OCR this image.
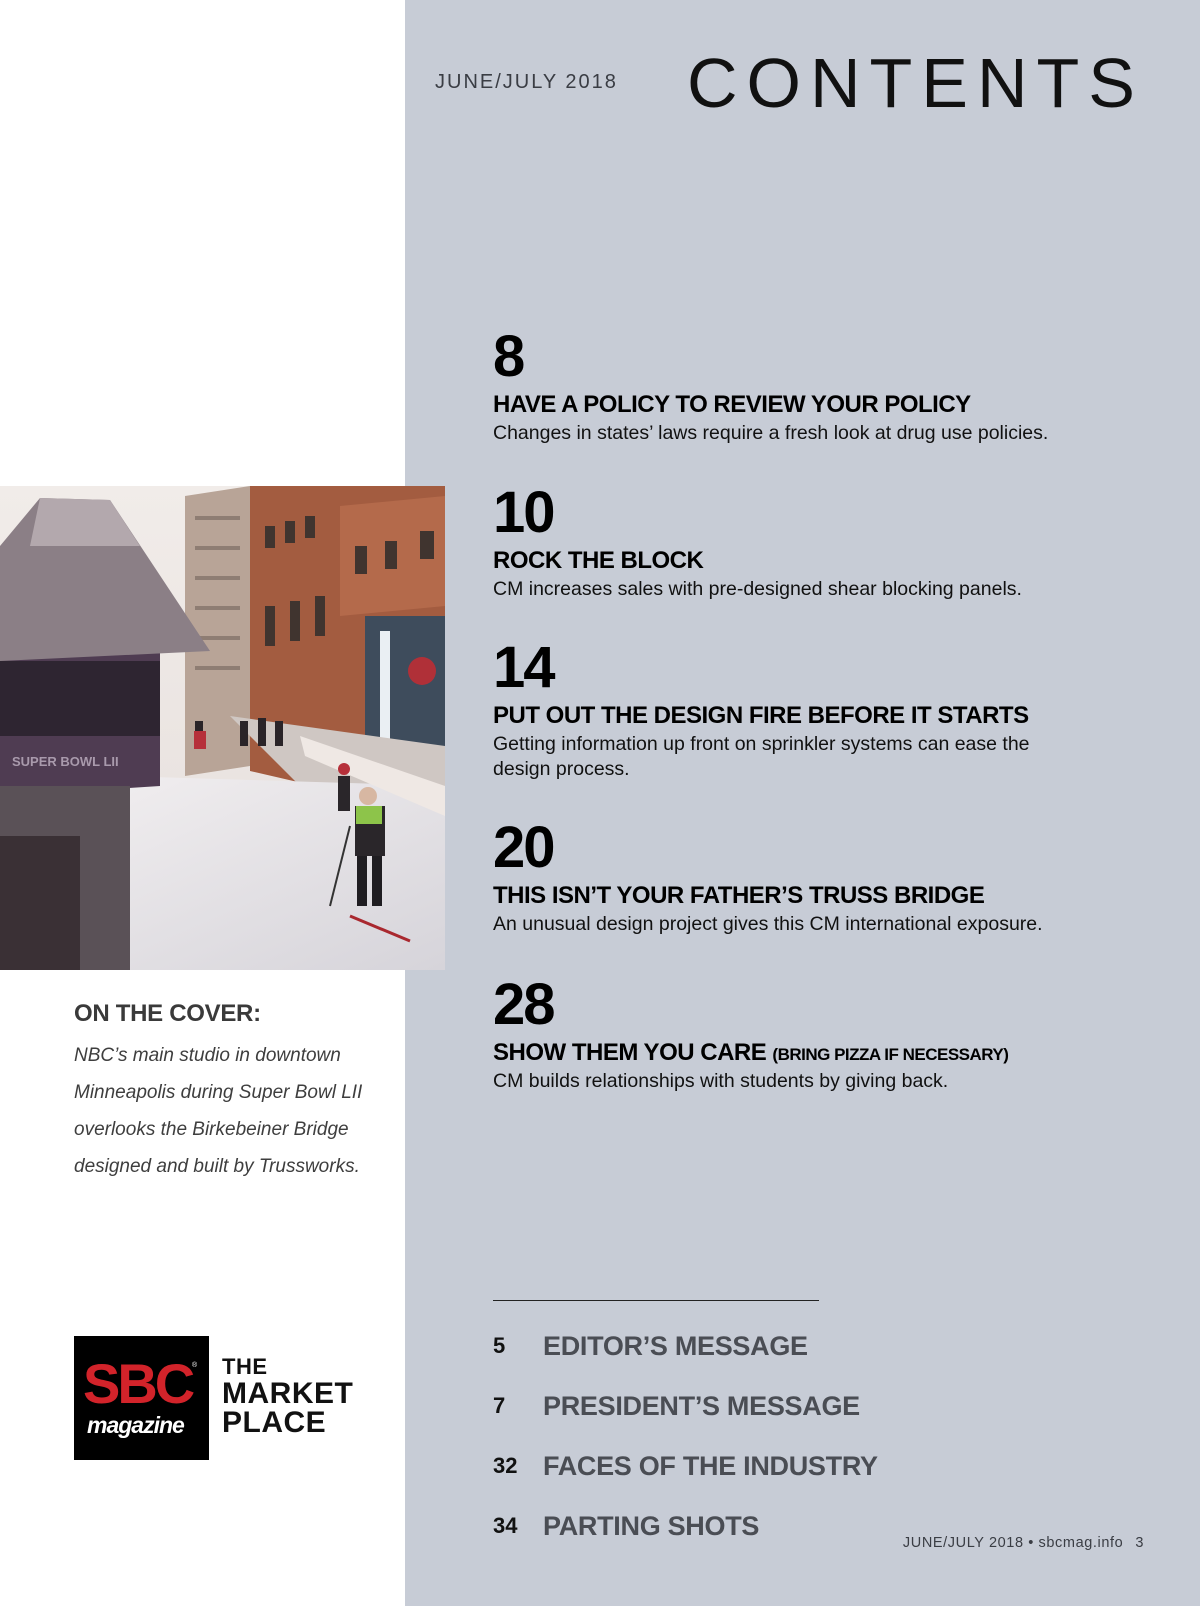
JUNE/JULY 2018 CONTENTS
8
HAVE A POLICY TO REVIEW YOUR POLICY
Changes in states’ laws require a fresh look at drug use policies.
10
ROCK THE BLOCK
CM increases sales with pre-designed shear blocking panels.
14
PUT OUT THE DESIGN FIRE BEFORE IT STARTS
Getting information up front on sprinkler systems can ease the design process.
20
THIS ISN’T YOUR FATHER’S TRUSS BRIDGE
An unusual design project gives this CM international exposure.
28
SHOW THEM YOU CARE (BRING PIZZA IF NECESSARY)
CM builds relationships with students by giving back.
SUPER BOWL LII
ON THE COVER:
NBC’s main studio in downtown Minneapolis during Super Bowl LII overlooks the Birkebeiner Bridge designed and built by Trussworks.
5	EDITOR’S MESSAGE
7	PRESIDENT’S MESSAGE
32 FACES OF THE INDUSTRY
34 PARTING SHOTS
SBC ®
magazine
THE
MARKET
PLACE
JUNE/JULY 2018 • sbcmag.info 3
